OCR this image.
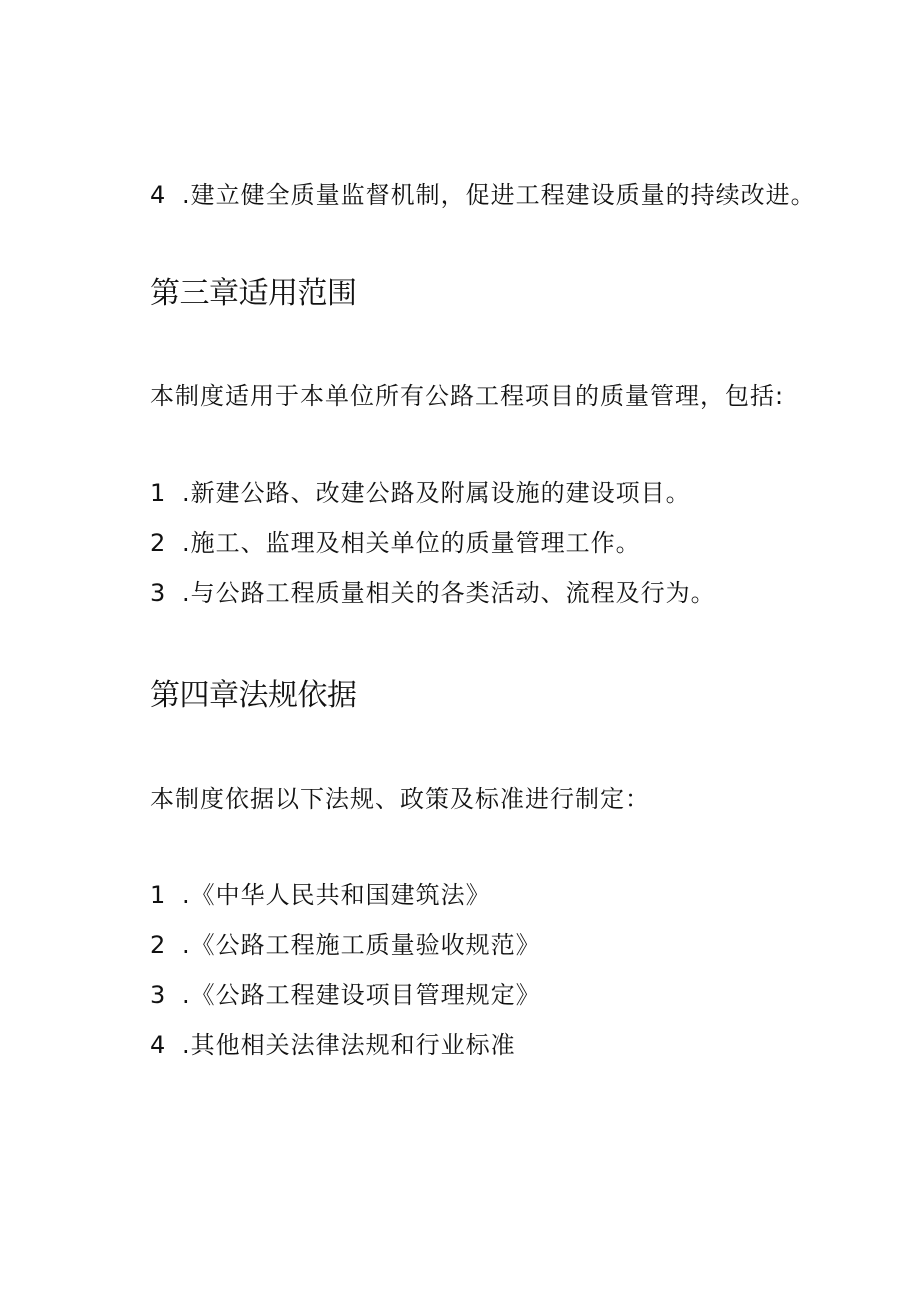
4 .建立健全质量监督机制，促进工程建设质量的持续改进。
第三章适用范围
本制度适用于本单位所有公路工程项目的质量管理，包括:
1 .新建公路、改建公路及附属设施的建设项目。
2 .施工、监理及相关单位的质量管理工作。
3 .与公路工程质量相关的各类活动、流程及行为。
第四章法规依据
本制度依据以下法规、政策及标准进行制定：
1 .《中华人民共和国建筑法》
2 .《公路工程施工质量验收规范》
3 .《公路工程建设项目管理规定》
4 .其他相关法律法规和行业标准
